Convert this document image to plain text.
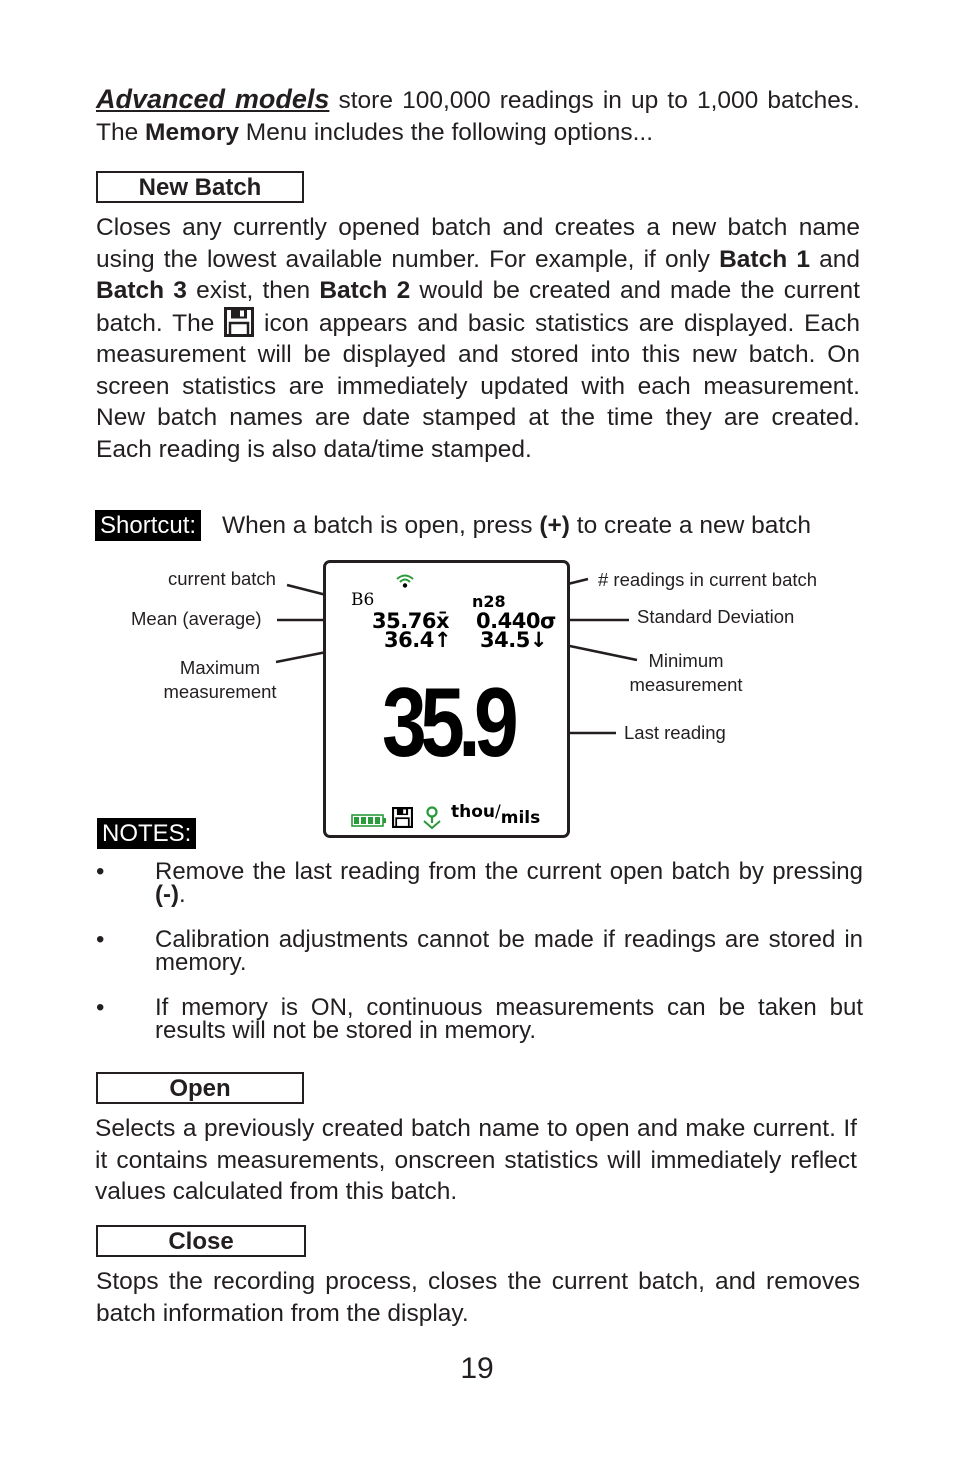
Advanced models store 100,000 readings in up to 1,000 batches. The Memory Menu includes the following options...
New Batch
Closes any currently opened batch and creates a new batch name using the lowest available number. For example, if only Batch 1 and Batch 3 exist, then Batch 2 would be created and made the current batch. The  icon appears and basic statistics are displayed. Each measurement will be displayed and stored into this new batch. On screen statistics are immediately updated with each measurement. New batch names are date stamped at the time they are created. Each reading is also data/time stamped.
Shortcut: When a batch is open, press (+) to create a new batch
current batch
Mean (average)
Maximum
measurement
# readings in current batch
Standard Deviation
Minimum
measurement
Last reading
B6	n28
35.76x̄ 0.440σ
36.4↑ 34.5↓
35.9
thou/mils
NOTES:
• Remove the last reading from the current open batch by pressing (-).
• Calibration adjustments cannot be made if readings are stored in memory.
• If memory is ON, continuous measurements can be taken but results will not be stored in memory.
Open
Selects a previously created batch name to open and make current. If it contains measurements, onscreen statistics will immediately reflect values calculated from this batch.
Close
Stops the recording process, closes the current batch, and removes batch information from the display.
19
